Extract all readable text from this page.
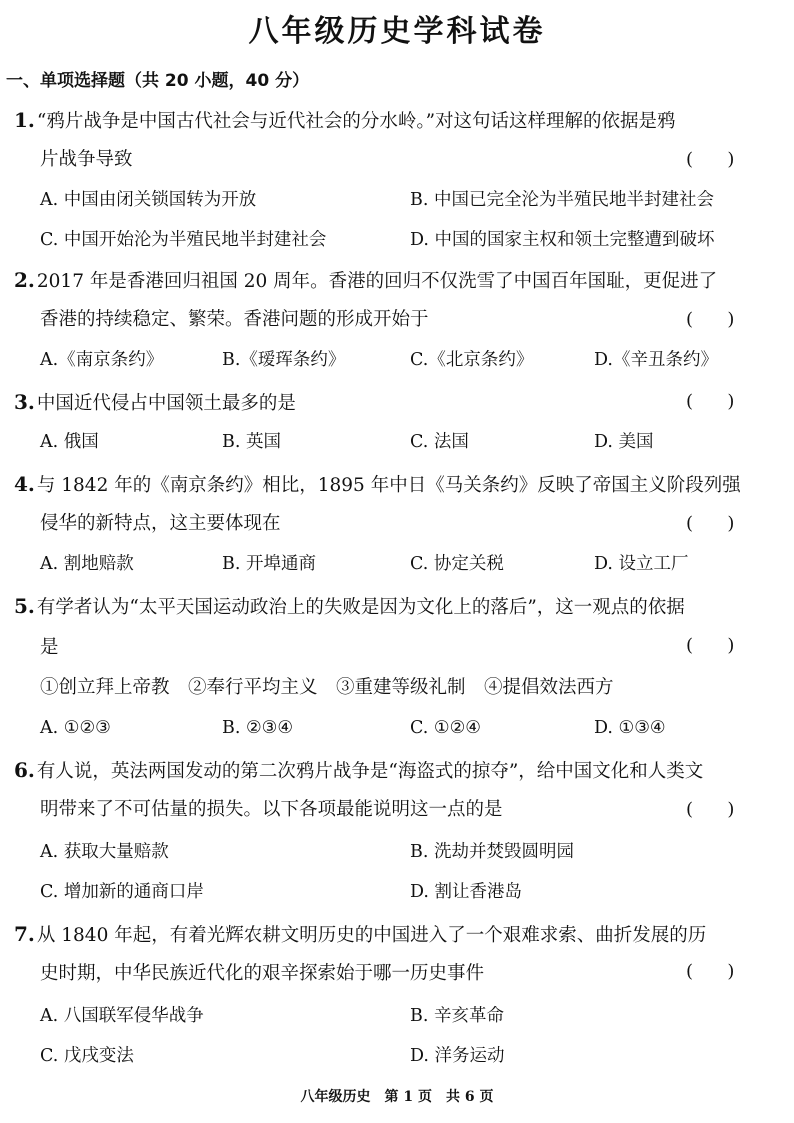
八年级历史学科试卷
一、单项选择题（共 20 小题，40 分）
1. “鸦片战争是中国古代社会与近代社会的分水岭。”对这句话这样理解的依据是鸦
片战争导致	(      )
A. 中国由闭关锁国转为开放	B. 中国已完全沦为半殖民地半封建社会
C. 中国开始沦为半殖民地半封建社会	D. 中国的国家主权和领土完整遭到破坏
2. 2017 年是香港回归祖国 20 周年。香港的回归不仅洗雪了中国百年国耻，更促进了
香港的持续稳定、繁荣。香港问题的形成开始于	(      )
A.《南京条约》	B.《瑷珲条约》	C.《北京条约》	D.《辛丑条约》
3. 中国近代侵占中国领土最多的是	(      )
A. 俄国	B. 英国	C. 法国	D. 美国
4. 与 1842 年的《南京条约》相比，1895 年中日《马关条约》反映了帝国主义阶段列强
侵华的新特点，这主要体现在	(      )
A. 割地赔款	B. 开埠通商	C. 协定关税	D. 设立工厂
5. 有学者认为“太平天国运动政治上的失败是因为文化上的落后”，这一观点的依据
是	(      )
①创立拜上帝教　②奉行平均主义　③重建等级礼制　④提倡效法西方
A. ①②③	B. ②③④	C. ①②④	D. ①③④
6. 有人说，英法两国发动的第二次鸦片战争是“海盗式的掠夺”，给中国文化和人类文
明带来了不可估量的损失。以下各项最能说明这一点的是	(      )
A. 获取大量赔款	B. 洗劫并焚毁圆明园
C. 增加新的通商口岸	D. 割让香港岛
7. 从 1840 年起，有着光辉农耕文明历史的中国进入了一个艰难求索、曲折发展的历
史时期，中华民族近代化的艰辛探索始于哪一历史事件	(      )
A. 八国联军侵华战争	B. 辛亥革命
C. 戊戌变法	D. 洋务运动
八年级历史　第 1 页　共 6 页
